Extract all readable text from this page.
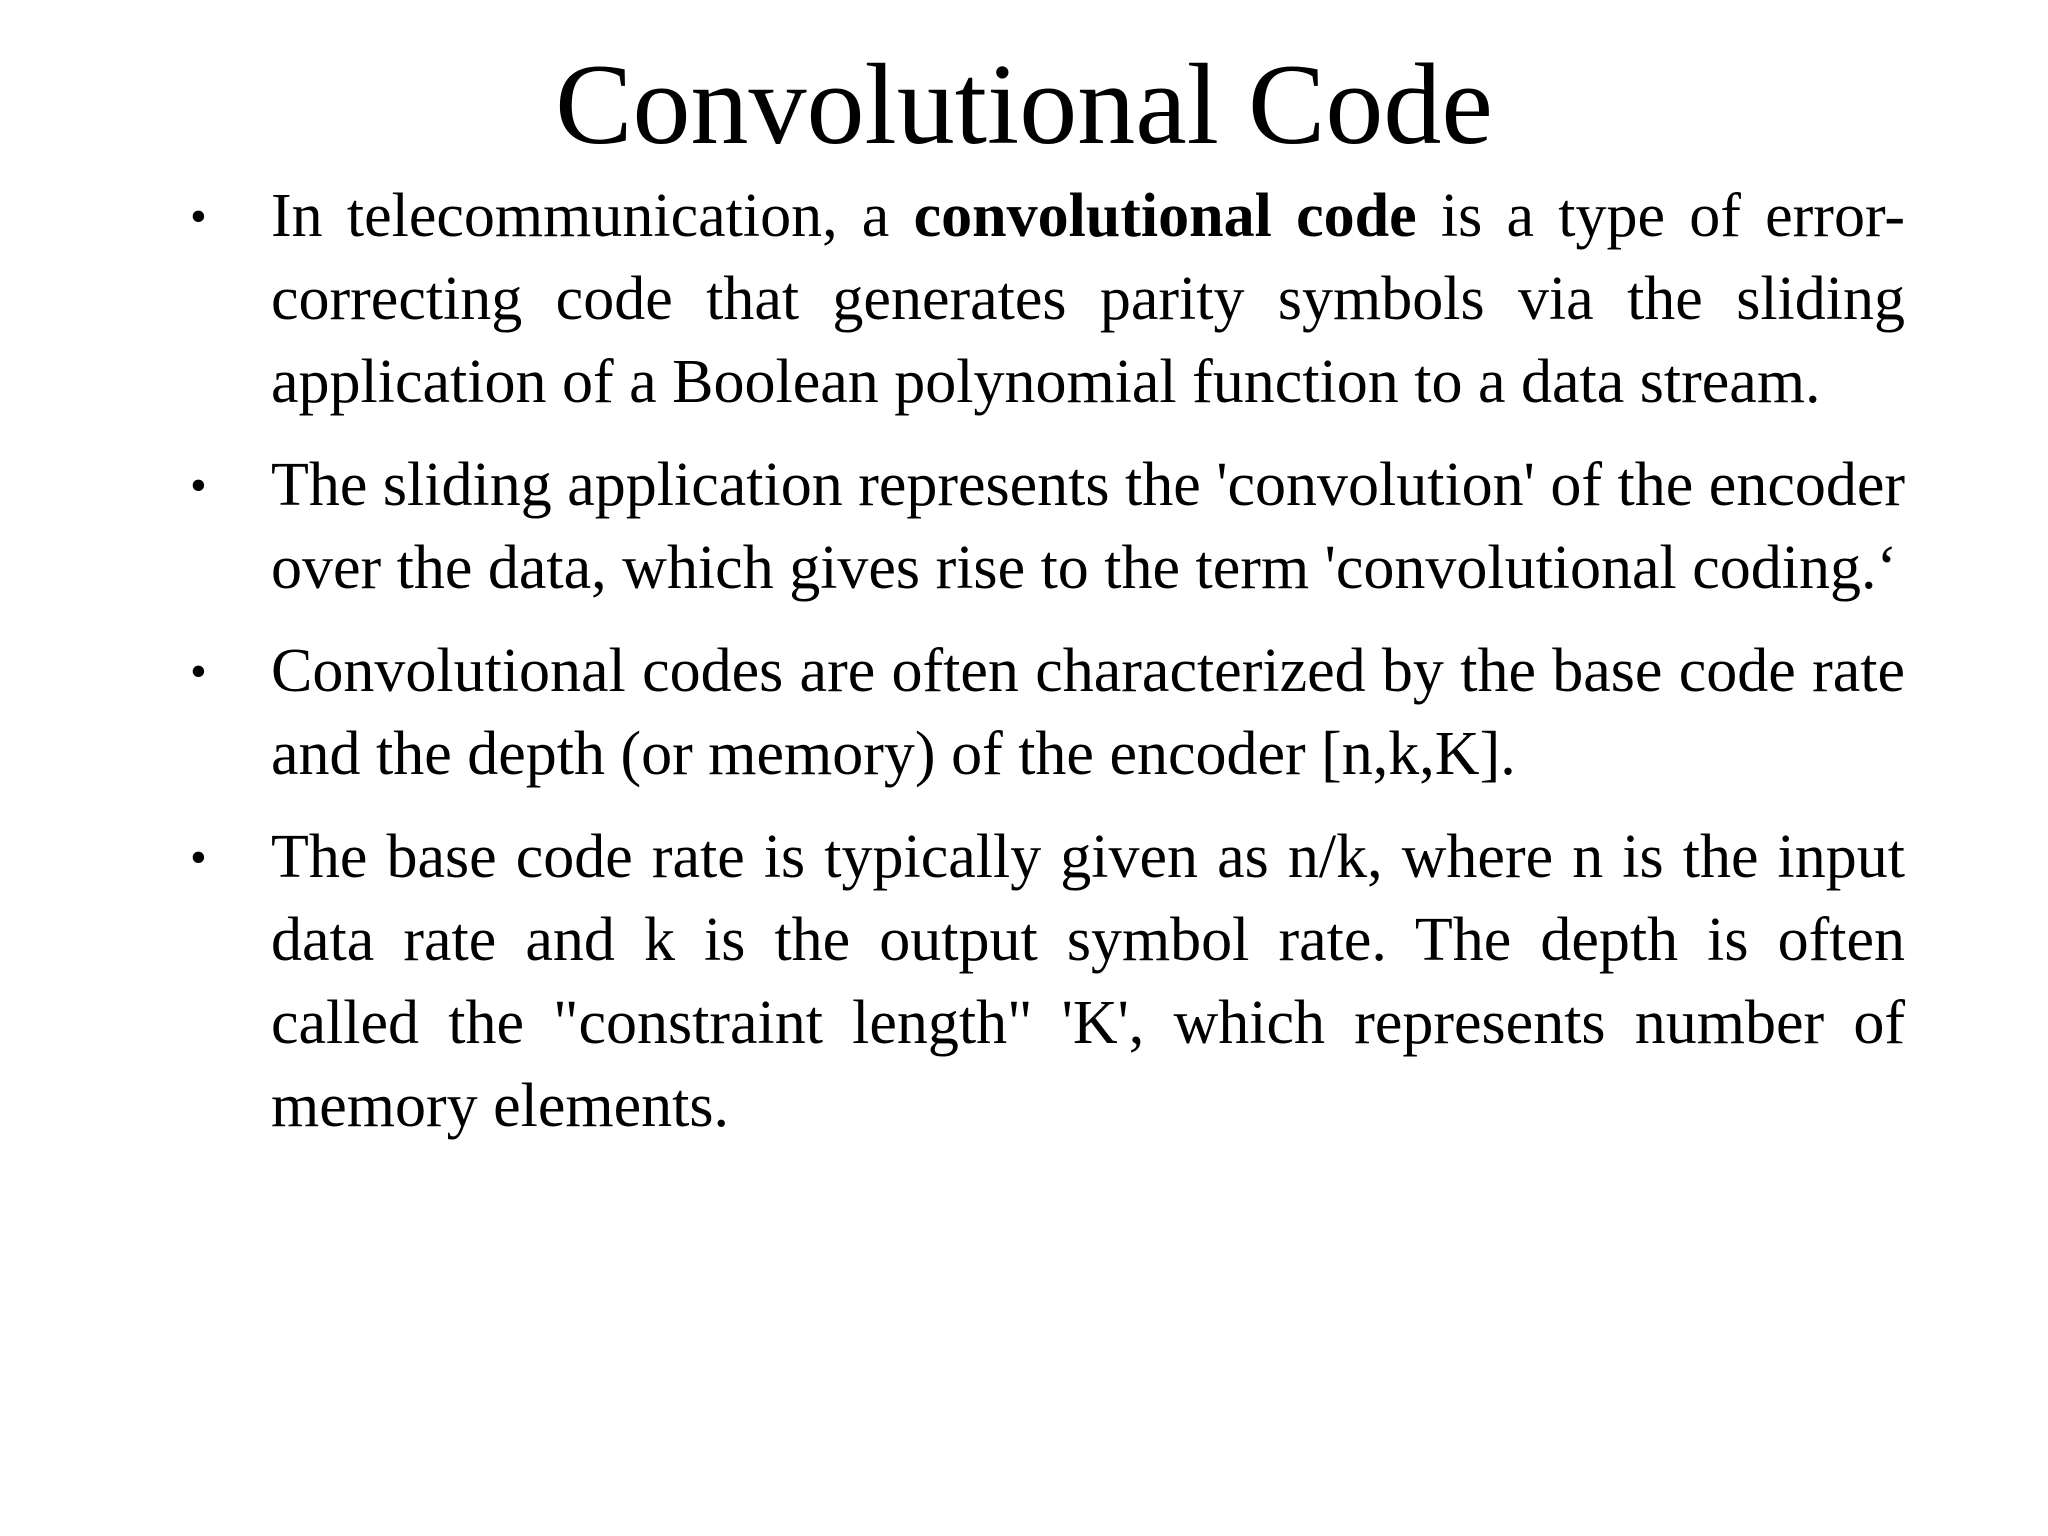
Convolutional Code
• In telecommunication, a convolutional code is a type of error-correcting code that generates parity symbols via the sliding application of a Boolean polynomial function to a data stream.
• The sliding application represents the 'convolution' of the encoder over the data, which gives rise to the term 'convolutional coding.‘
• Convolutional codes are often characterized by the base code rate and the depth (or memory) of the encoder [n,k,K].
• The base code rate is typically given as n/k, where n is the input data rate and k is the output symbol rate. The depth is often called the "constraint length" 'K', which represents number of memory elements.
